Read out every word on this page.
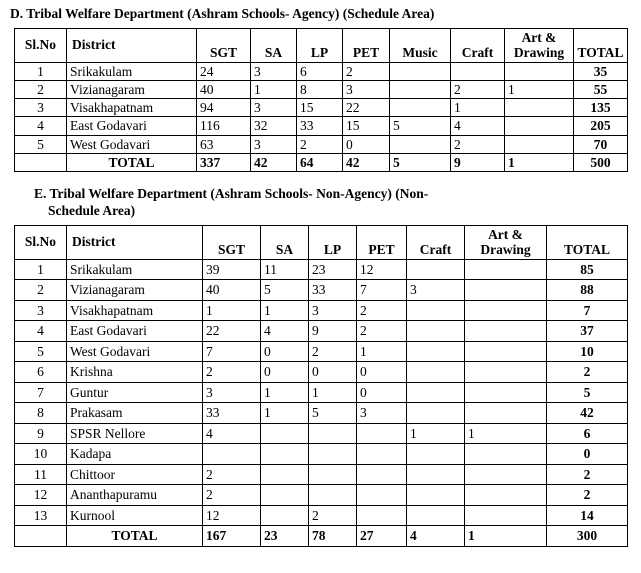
D. Tribal Welfare Department (Ashram Schools- Agency) (Schedule Area)
Sl.No	District	SGT	SA	LP	PET	Music	Craft	Art & Drawing	TOTAL
1	Srikakulam	24	3	6	2				35
2	Vizianagaram	40	1	8	3		2	1	55
3	Visakhapatnam	94	3	15	22		1		135
4	East Godavari	116	32	33	15	5	4		205
5	West Godavari	63	3	2	0		2		70
	TOTAL	337	42	64	42	5	9	1	500
E. Tribal Welfare Department (Ashram Schools- Non-Agency) (Non-
Schedule Area)
Sl.No	District	SGT	SA	LP	PET	Craft	Art & Drawing	TOTAL
1	Srikakulam	39	11	23	12			85
2	Vizianagaram	40	5	33	7	3		88
3	Visakhapatnam	1	1	3	2			7
4	East Godavari	22	4	9	2			37
5	West Godavari	7	0	2	1			10
6	Krishna	2	0	0	0			2
7	Guntur	3	1	1	0			5
8	Prakasam	33	1	5	3			42
9	SPSR Nellore	4				1	1	6
10	Kadapa							0
11	Chittoor	2						2
12	Ananthapuramu	2						2
13	Kurnool	12		2				14
	TOTAL	167	23	78	27	4	1	300
